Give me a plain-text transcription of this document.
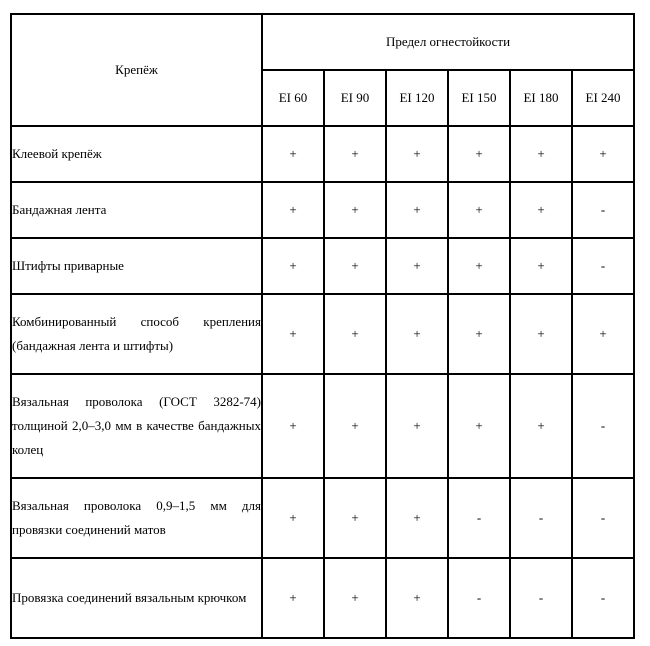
Крепёж	Предел огнестойкости					
	EI 60	EI 90	EI 120	EI 150	EI 180	EI 240
Клеевой крепёж	+	+	+	+	+	+
Бандажная лента	+	+	+	+	+	-
Штифты приварные	+	+	+	+	+	-
Комбинированный способ крепления (бандажная лента и штифты)	+	+	+	+	+	+
Вязальная проволока (ГОСТ 3282-74) толщиной 2,0–3,0 мм в качестве бандажных колец	+	+	+	+	+	-
Вязальная проволока 0,9–1,5 мм для провязки соединений матов	+	+	+	-	-	-
Провязка соединений вязальным крючком	+	+	+	-	-	-
